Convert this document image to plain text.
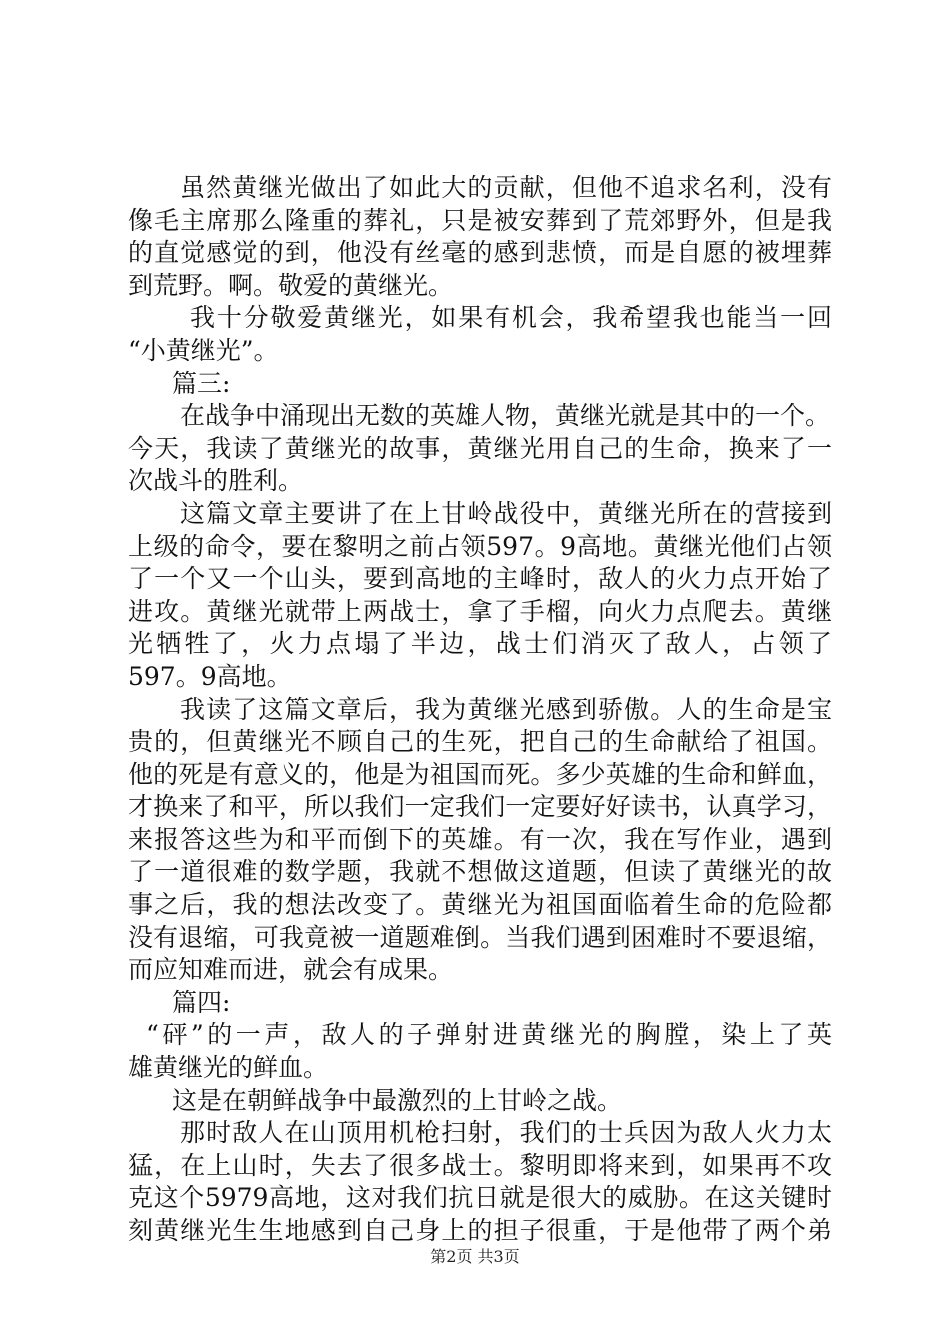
虽然黄继光做出了如此大的贡献，但他不追求名利，没有
像毛主席那么隆重的葬礼，只是被安葬到了荒郊野外，但是我
的直觉感觉的到，他没有丝毫的感到悲愤，而是自愿的被埋葬
到荒野。啊。敬爱的黄继光。
我十分敬爱黄继光，如果有机会，我希望我也能当一回
“小黄继光”。
篇三:
在战争中涌现出无数的英雄人物，黄继光就是其中的一个。
今天，我读了黄继光的故事，黄继光用自己的生命，换来了一
次战斗的胜利。
这篇文章主要讲了在上甘岭战役中，黄继光所在的营接到
上级的命令，要在黎明之前占领597。9高地。黄继光他们占领
了一个又一个山头，要到高地的主峰时，敌人的火力点开始了
进攻。黄继光就带上两战士，拿了手榴，向火力点爬去。黄继
光牺牲了，火力点塌了半边，战士们消灭了敌人，占领了
597。9高地。
我读了这篇文章后，我为黄继光感到骄傲。人的生命是宝
贵的，但黄继光不顾自己的生死，把自己的生命献给了祖国。
他的死是有意义的，他是为祖国而死。多少英雄的生命和鲜血，
才换来了和平，所以我们一定我们一定要好好读书，认真学习，
来报答这些为和平而倒下的英雄。有一次，我在写作业，遇到
了一道很难的数学题，我就不想做这道题，但读了黄继光的故
事之后，我的想法改变了。黄继光为祖国面临着生命的危险都
没有退缩，可我竟被一道题难倒。当我们遇到困难时不要退缩，
而应知难而进，就会有成果。
篇四:
“砰”的一声，敌人的子弹射进黄继光的胸膛，染上了英
雄黄继光的鲜血。
这是在朝鲜战争中最激烈的上甘岭之战。
那时敌人在山顶用机枪扫射，我们的士兵因为敌人火力太
猛，在上山时，失去了很多战士。黎明即将来到，如果再不攻
克这个5979高地，这对我们抗日就是很大的威胁。在这关键时
刻黄继光生生地感到自己身上的担子很重，于是他带了两个弟
第2页 共3页
